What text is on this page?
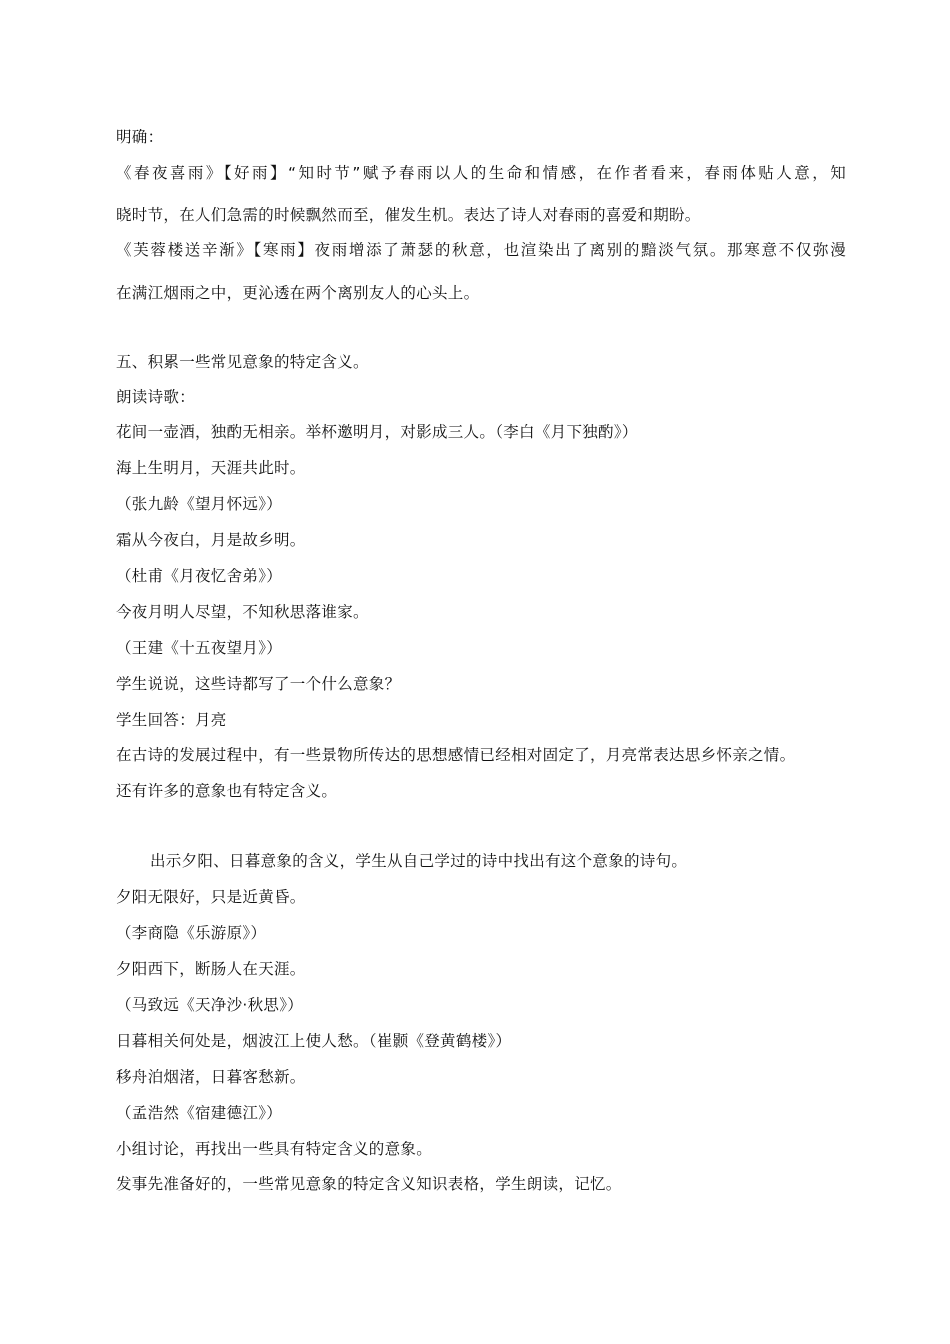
明确：
《春夜喜雨》【好雨】“知时节”赋予春雨以人的生命和情感，在作者看来，春雨体贴人意，知
晓时节，在人们急需的时候飘然而至，催发生机。表达了诗人对春雨的喜爱和期盼。
《芙蓉楼送辛渐》【寒雨】夜雨增添了萧瑟的秋意，也渲染出了离别的黯淡气氛。那寒意不仅弥漫
在满江烟雨之中，更沁透在两个离别友人的心头上。
五、积累一些常见意象的特定含义。
朗读诗歌：
花间一壶酒，独酌无相亲。举杯邀明月，对影成三人。（李白《月下独酌》）
海上生明月，天涯共此时。
（张九龄《望月怀远》）
霜从今夜白，月是故乡明。
（杜甫《月夜忆舍弟》）
今夜月明人尽望，不知秋思落谁家。
（王建《十五夜望月》）
学生说说，这些诗都写了一个什么意象？
学生回答：月亮
在古诗的发展过程中，有一些景物所传达的思想感情已经相对固定了，月亮常表达思乡怀亲之情。
还有许多的意象也有特定含义。
出示夕阳、日暮意象的含义，学生从自己学过的诗中找出有这个意象的诗句。
夕阳无限好，只是近黄昏。
（李商隐《乐游原》）
夕阳西下，断肠人在天涯。
（马致远《天净沙·秋思》）
日暮相关何处是，烟波江上使人愁。（崔颢《登黄鹤楼》）
移舟泊烟渚，日暮客愁新。
（孟浩然《宿建德江》）
小组讨论，再找出一些具有特定含义的意象。
发事先准备好的，一些常见意象的特定含义知识表格，学生朗读，记忆。
